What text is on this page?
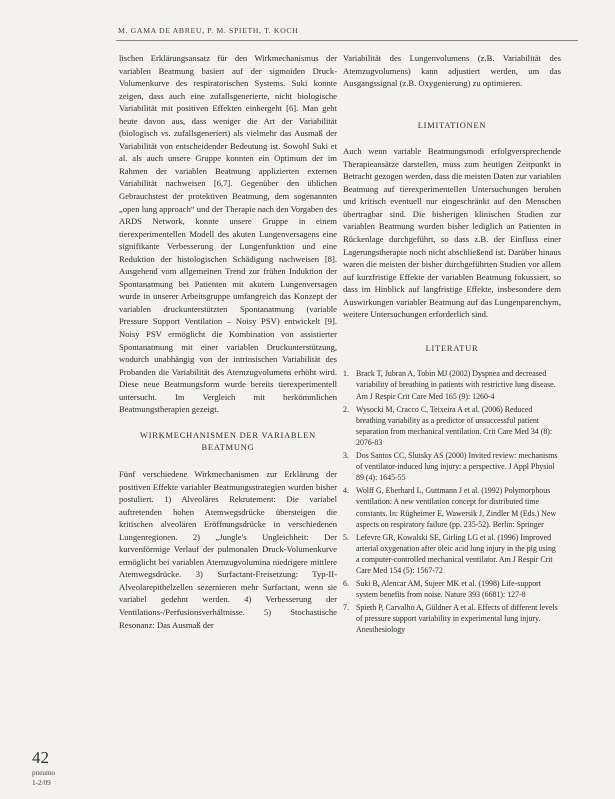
M. GAMA DE ABREU, P. M. SPIETH, T. KOCH

lischen Erklärungsansatz für den Wirkmechanismus der variablen Beatmung basiert auf der sigmoiden Druck-Volumenkurve des respiratorischen Systems. Suki konnte zeigen, dass auch eine zufallsgenerierte, nicht biologische Variabilität mit positiven Effekten einhergeht [6]. Man geht heute davon aus, dass weniger die Art der Variabilität (biologisch vs. zufallsgeneriert) als vielmehr das Ausmaß der Variabilität von entscheidender Bedeutung ist. Sowohl Suki et al. als auch unsere Gruppe konnten ein Optimum der im Rahmen der variablen Beatmung applizierten externen Variabilität nachweisen [6,7]. Gegenüber den üblichen Gebrauchstest der protektiven Beatmung, dem sogenannten „open lung approach“ und der Therapie nach den Vorgaben des ARDS Network, konnte unsere Gruppe in einem tierexperimentellen Modell des akuten Lungenversagens eine signifikante Verbesserung der Lungenfunktion und eine Reduktion der histologischen Schädigung nachweisen [8]. Ausgehend vom allgemeinen Trend zur frühen Induktion der Spontanatmung bei Patienten mit akutem Lungenversagen wurde in unserer Arbeitsgruppe umfangreich das Konzept der variablen druckunterstützten Spontanatmung (variable Pressure Support Ventilation – Noisy PSV) entwickelt [9]. Noisy PSV ermöglicht die Kombination von assistierter Spontanatmung mit einer variablen Druckunterstützung, wodurch unabhängig von der intrinsischen Variabilität des Probanden die Variabilität des Atemzugvolumens erhöht wird. Diese neue Beatmungsform wurde bereits tierexperimentell untersucht. Im Vergleich mit herkömmlichen Beatmungstherapien gezeigt.

WIRKMECHANISMEN DER VARIABLEN
BEATMUNG

Fünf verschiedene Wirkmechanismen zur Erklärung der positiven Effekte variabler Beatmungsstrategien wurden bisher postuliert. 1) Alveoläres Rekrutement: Die variabel auftretenden hohen Atemwegsdrücke übersteigen die kritischen alveolären Eröffnungsdrücke in verschiedenen Lungenregionen. 2) „Jungle's Ungleichheit: Der kurvenförmige Verlauf der pulmonalen Druck-Volumenkurve ermöglicht bei variablen Atemzugvolumina niedrigere mittlere Atemwegsdrücke. 3) Surfactant-Freisetzung: Typ-II-Alveolarepithelzellen sezernieren mehr Surfactant, wenn sie variabel gedehnt werden. 4) Verbesserung der Ventilations-/Perfusionsverhältnisse. 5) Stochastische Resonanz: Das Ausmaß der

Variabilität des Lungenvolumens (z.B. Variabilität des Atemzugvolumens) kann adjustiert werden, um das Ausgangssignal (z.B. Oxygenierung) zu optimieren.

LIMITATIONEN

Auch wenn variable Beatmungsmodi erfolgversprechende Therapieansätze darstellen, muss zum heutigen Zeitpunkt in Betracht gezogen werden, dass die meisten Daten zur variablen Beatmung auf tierexperimentellen Untersuchungen beruhen und kritisch eventuell nur eingeschränkt auf den Menschen übertragbar sind. Die bisherigen klinischen Studien zur variablen Beatmung wurden bisher lediglich an Patienten in Rückenlage durchgeführt, so dass z.B. der Einfluss einer Lagerungstherapie noch nicht abschließend ist. Darüber hinaus waren die meisten der bisher durchgeführten Studien vor allem auf kurzfristige Effekte der variablen Beatmung fokussiert, so dass im Hinblick auf langfristige Effekte, insbesondere dem Auswirkungen variabler Beatmung auf das Lungenparenchym, weitere Untersuchungen erforderlich sind.

LITERATUR
1. Brack T, Jubran A, Tobin MJ (2002) Dyspnea and decreased variability of breathing in patients with restrictive lung disease. Am J Respir Crit Care Med 165 (9): 1260-4
2. Wysocki M, Cracco C, Teixeira A et al. (2006) Reduced breathing variability as a predictor of unsuccessful patient separation from mechanical ventilation. Crit Care Med 34 (8): 2076-83
3. Dos Santos CC, Slutsky AS (2000) Invited review: mechanisms of ventilator-induced lung injury: a perspective. J Appl Physiol 89 (4): 1645-55
4. Wolff G, Eberhard L, Guttmann J et al. (1992) Polymorphous ventilation: A new ventilation concept for distributed time constants. In: Rügheimer E, Wawersik J, Zindler M (Eds.) New aspects on respiratory failure (pp. 235-52). Berlin: Springer
5. Lefevre GR, Kowalski SE, Girling LG et al. (1996) Improved arterial oxygenation after oleic acid lung injury in the pig using a computer-controlled mechanical ventilator. Am J Respir Crit Care Med 154 (5): 1567-72
6. Suki B, Alencar AM, Sujeer MK et al. (1998) Life-support system benefits from noise. Nature 393 (6681): 127-8
7. Spieth P, Carvalho A, Güldner A et al. Effects of different levels of pressure support variability in experimental lung injury. Anesthesiology
42
pneumo
1-2/09
